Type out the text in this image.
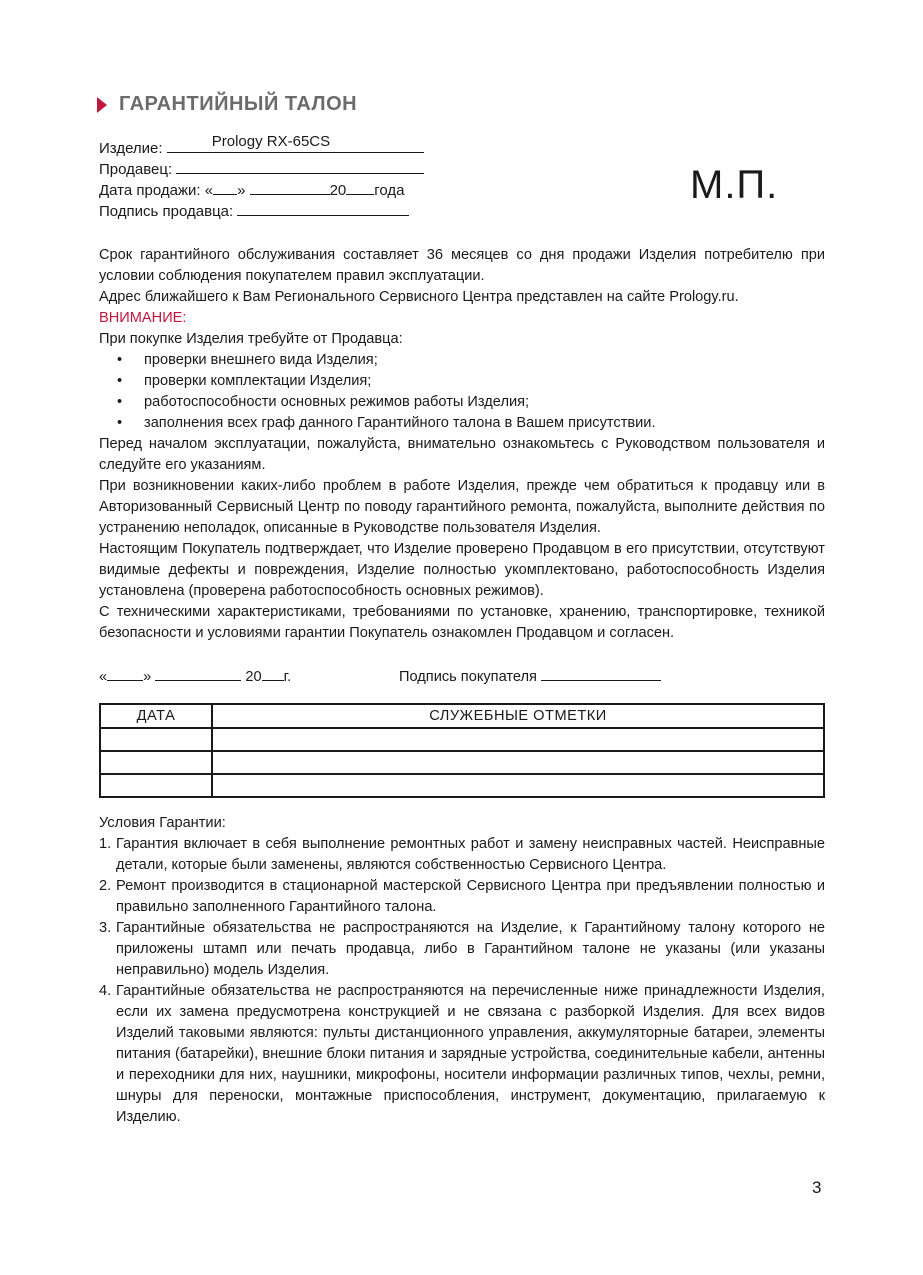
ГАРАНТИЙНЫЙ ТАЛОН
Изделие:	Prology RX-65CS
Продавец:
Дата продажи: « »	20 года
Подпись продавца:
М.П.

Срок гарантийного обслуживания составляет 36 месяцев со дня продажи Изделия потребителю при условии соблюдения покупателем правил эксплуатации.

Адрес ближайшего к Вам Регионального Сервисного Центра представлен на сайте Prology.ru.

ВНИМАНИЕ:

При покупке Изделия требуйте от Продавца:

• проверки внешнего вида Изделия;
• проверки комплектации Изделия;
• работоспособности основных режимов работы Изделия;
• заполнения всех граф данного Гарантийного талона в Вашем присутствии.

Перед началом эксплуатации, пожалуйста, внимательно ознакомьтесь с Руководством пользователя и следуйте его указаниям.

При возникновении каких-либо проблем в работе Изделия, прежде чем обратиться к продавцу или в Авторизованный Сервисный Центр по поводу гарантийного ремонта, пожалуйста, выполните действия по устранению неполадок, описанные в Руководстве пользователя Изделия.

Настоящим Покупатель подтверждает, что Изделие проверено Продавцом в его присутствии, отсутствуют видимые дефекты и повреждения, Изделие полностью укомплектовано, работоспособность Изделия установлена (проверена работоспособность основных режимов).

С техническими характеристиками, требованиями по установке, хранению, транспортировке, техникой безопасности и условиями гарантии Покупатель ознакомлен Продавцом и согласен.

« »	20 г.	Подпись покупателя
ДАТА	СЛУЖЕБНЫЕ ОТМЕТКИ

Условия Гарантии:

1. Гарантия включает в себя выполнение ремонтных работ и замену неисправных частей. Неисправные детали, которые были заменены, являются собственностью Сервисного Центра.
2. Ремонт производится в стационарной мастерской Сервисного Центра при предъявлении полностью и правильно заполненного Гарантийного талона.
3. Гарантийные обязательства не распространяются на Изделие, к Гарантийному талону которого не приложены штамп или печать продавца, либо в Гарантийном талоне не указаны (или указаны неправильно) модель Изделия.
4. Гарантийные обязательства не распространяются на перечисленные ниже принадлежности Изделия, если их замена предусмотрена конструкцией и не связана с разборкой Изделия. Для всех видов Изделий таковыми являются: пульты дистанционного управления, аккумуляторные батареи, элементы питания (батарейки), внешние блоки питания и зарядные устройства, соединительные кабели, антенны и переходники для них, наушники, микрофоны, носители информации различных типов, чехлы, ремни, шнуры для переноски, монтажные приспособления, инструмент, документацию, прилагаемую к Изделию.
3
